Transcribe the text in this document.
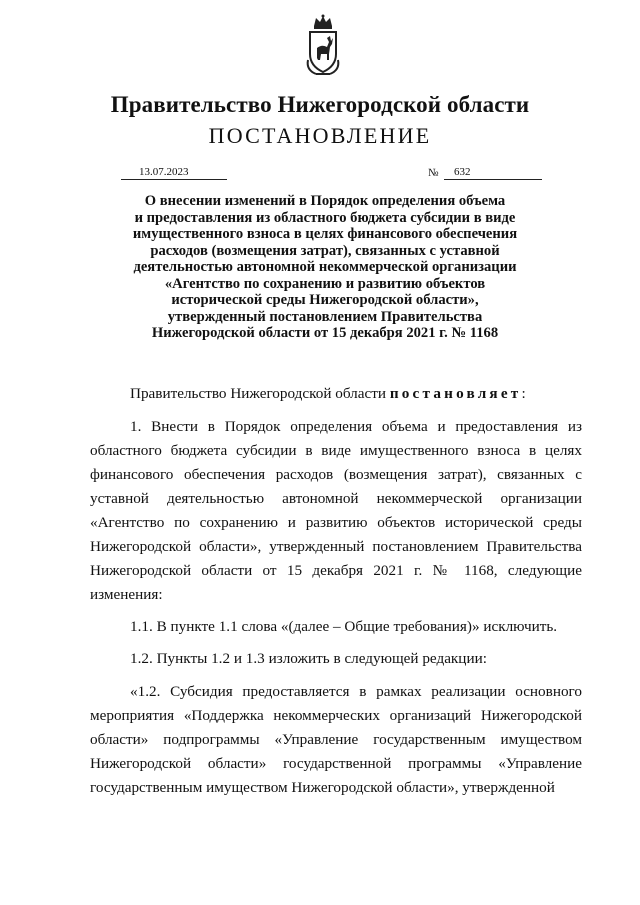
Правительство Нижегородской области
ПОСТАНОВЛЕНИЕ
13.07.2023	№	632
О внесении изменений в Порядок определения объема
и предоставления из областного бюджета субсидии в виде
имущественного взноса в целях финансового обеспечения
расходов (возмещения затрат), связанных с уставной
деятельностью автономной некоммерческой организации
«Агентство по сохранению и развитию объектов
исторической среды Нижегородской области»,
утвержденный постановлением Правительства
Нижегородской области от 15 декабря 2021 г. № 1168

Правительство Нижегородской области постановляет:

1. Внести в Порядок определения объема и предоставления из областного бюджета субсидии в виде имущественного взноса в целях финансового обеспечения расходов (возмещения затрат), связанных с уставной деятельностью автономной некоммерческой организации «Агентство по сохранению и развитию объектов исторической среды Нижегородской области», утвержденный постановлением Правительства Нижегородской области от 15 декабря 2021 г. № 1168, следующие изменения:

1.1. В пункте 1.1 слова «(далее – Общие требования)» исключить.

1.2. Пункты 1.2 и 1.3 изложить в следующей редакции:

«1.2. Субсидия предоставляется в рамках реализации основного мероприятия «Поддержка некоммерческих организаций Нижегородской области» подпрограммы «Управление государственным имуществом Нижегородской области» государственной программы «Управление государственным имуществом Нижегородской области», утвержденной
